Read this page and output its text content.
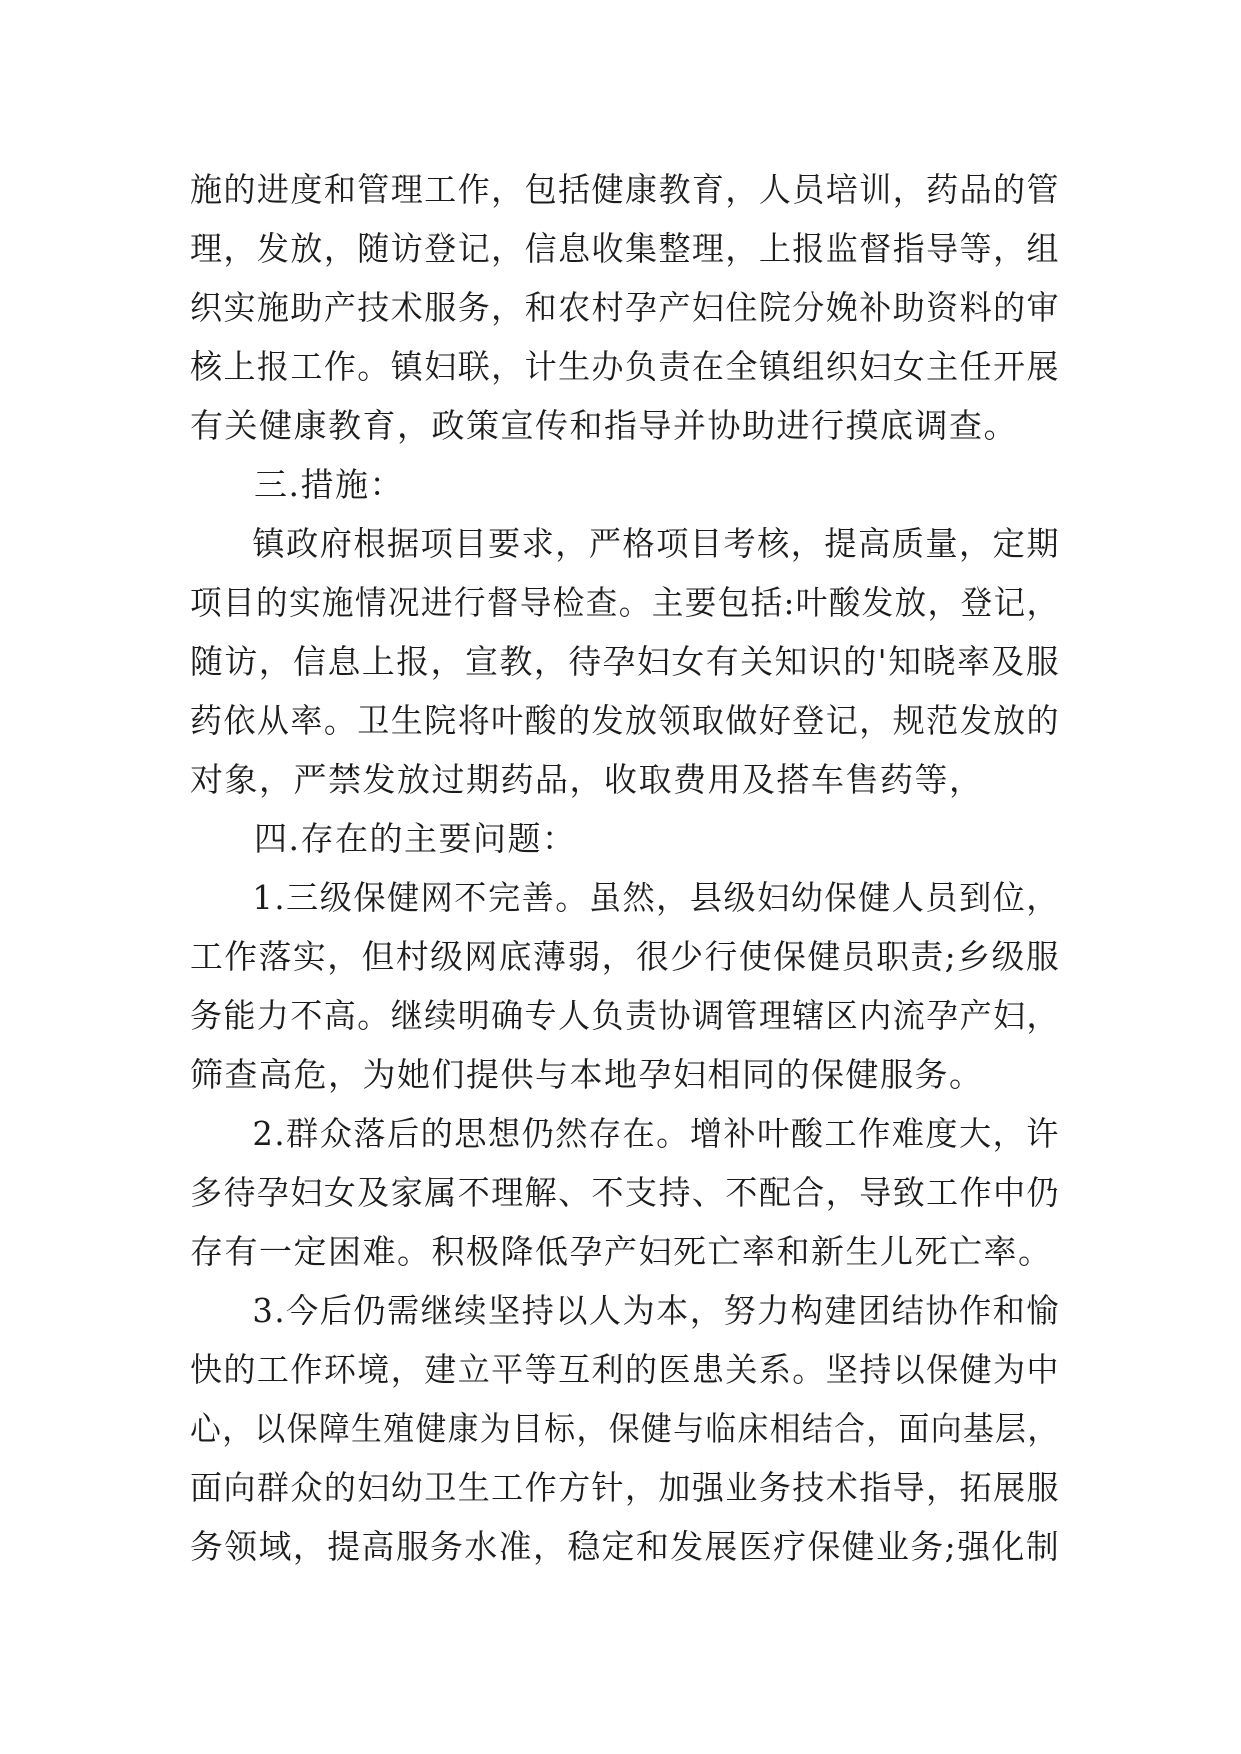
施的进度和管理工作，包括健康教育，人员培训，药品的管
理，发放，随访登记，信息收集整理，上报监督指导等，组
织实施助产技术服务，和农村孕产妇住院分娩补助资料的审
核上报工作。镇妇联，计生办负责在全镇组织妇女主任开展
有关健康教育，政策宣传和指导并协助进行摸底调查。
三.措施：
镇政府根据项目要求，严格项目考核，提高质量，定期
项目的实施情况进行督导检查。主要包括:叶酸发放，登记，
随访，信息上报，宣教，待孕妇女有关知识的'知晓率及服
药依从率。卫生院将叶酸的发放领取做好登记，规范发放的
对象，严禁发放过期药品，收取费用及搭车售药等，
四.存在的主要问题：
1.三级保健网不完善。虽然，县级妇幼保健人员到位，
工作落实，但村级网底薄弱，很少行使保健员职责;乡级服
务能力不高。继续明确专人负责协调管理辖区内流孕产妇，
筛查高危，为她们提供与本地孕妇相同的保健服务。
2.群众落后的思想仍然存在。增补叶酸工作难度大，许
多待孕妇女及家属不理解、不支持、不配合，导致工作中仍
存有一定困难。积极降低孕产妇死亡率和新生儿死亡率。
3.今后仍需继续坚持以人为本，努力构建团结协作和愉
快的工作环境，建立平等互利的医患关系。坚持以保健为中
心，以保障生殖健康为目标，保健与临床相结合，面向基层，
面向群众的妇幼卫生工作方针，加强业务技术指导，拓展服
务领域，提高服务水准，稳定和发展医疗保健业务;强化制
